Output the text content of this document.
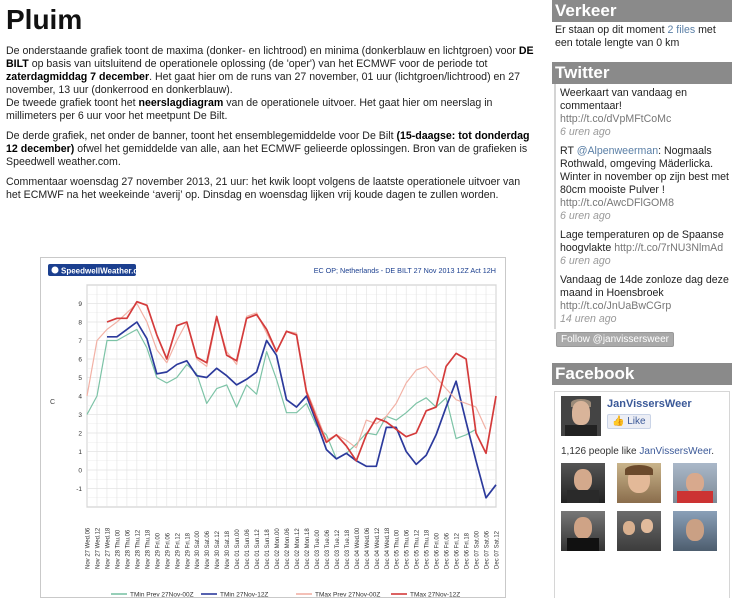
Pluim

De onderstaande grafiek toont de maxima (donker- en lichtrood) en minima (donkerblauw en lichtgroen) voor DE BILT op basis van uitsluitend de operationele oplossing (de 'oper') van het ECMWF voor de periode tot zaterdagmiddag 7 december. Het gaat hier om de runs van 27 november, 01 uur (lichtgroen/lichtrood) en 27 november, 13 uur (donkerrood en donkerblauw).
De tweede grafiek toont het neerslagdiagram van de operationele uitvoer. Het gaat hier om neerslag in millimeters per 6 uur voor het meetpunt De Bilt.

De derde grafiek, net onder de banner, toont het ensemblegemiddelde voor De Bilt (15-daagse: tot donderdag 12 december) ofwel het gemiddelde van alle, aan het ECMWF gelieerde oplossingen. Bron van de grafieken is Speedwell weather.com.

Commentaar woensdag 27 november 2013, 21 uur: het kwik loopt volgens de laatste operationele uitvoer van het ECMWF na het weekeinde ‘averij’ op. Dinsdag en woensdag lijken vrij koude dagen te zullen worden.

SpeedwellWeather.com	EC OP; Netherlands - DE BILT 27 Nov 2013 12Z Act 12H
C
9
8
7
6
5
4
3
2
1
0
-1
Nov 27 Wed.06 Nov 27 Wed.12 Nov 27 Wed.18 Nov 28 Thu.00 Nov 28 Thu.06 Nov 28 Thu.12 Nov 28 Thu.18 Nov 29 Fri.00 Nov 29 Fri.06 Nov 29 Fri.12 Nov 29 Fri.18 Nov 30 Sat.00 Nov 30 Sat.06 Nov 30 Sat.12 Nov 30 Sat.18 Dec 01 Sun.00 Dec 01 Sun.06 Dec 01 Sun.12 Dec 01 Sun.18 Dec 02 Mon.00 Dec 02 Mon.06 Dec 02 Mon.12 Dec 02 Mon.18 Dec 03 Tue.00 Dec 03 Tue.06 Dec 03 Tue.12 Dec 03 Tue.18 Dec 04 Wed.00 Dec 04 Wed.06 Dec 04 Wed.12 Dec 04 Wed.18 Dec 05 Thu.00 Dec 05 Thu.06 Dec 05 Thu.12 Dec 05 Thu.18 Dec 06 Fri.00 Dec 06 Fri.06 Dec 06 Fri.12 Dec 06 Fri.18 Dec 07 Sat.00 Dec 07 Sat.06 Dec 07 Sat.12
TMin Prev 27Nov-00Z	TMin 27Nov-12Z	TMax Prev 27Nov-00Z	TMax 27Nov-12Z
Verkeer
Er staan op dit moment 2 files met een totale lengte van 0 km
Twitter
Weerkaart van vandaag en commentaar! http://t.co/dVpMFtCoMc
6 uren ago
RT @Alpenweerman: Nogmaals Rothwald, omgeving Mäderlicka. Winter in november op zijn best met 80cm mooiste Pulver ! http://t.co/AwcDFlGOM8
6 uren ago
Lage temperaturen op de Spaanse hoogvlakte http://t.co/7rNU3NlmAd
6 uren ago
Vandaag de 14de zonloze dag deze maand in Hoensbroek http://t.co/JnUaBwCGrp
14 uren ago
Follow @janvissersweer
Facebook
JanVissersWeer
👍 Like
1,126 people like JanVissersWeer.
